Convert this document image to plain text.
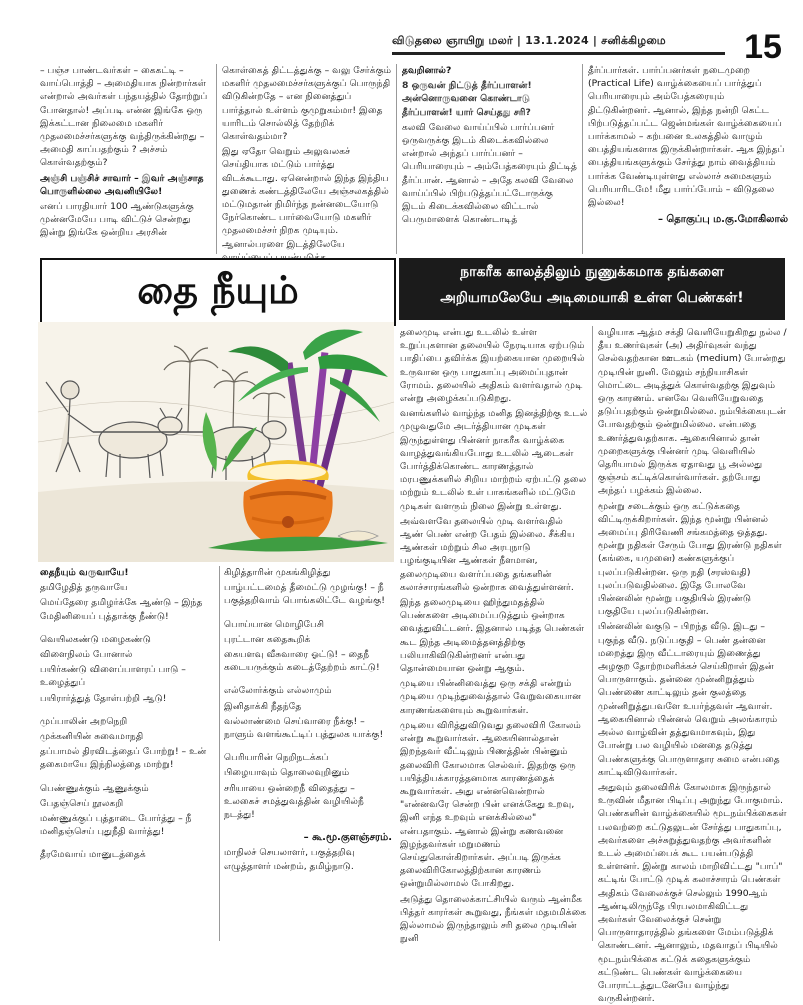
விடுதலை ஞாயிறு மலர் | 13.1.2024 | சனிக்கிழமை	15

– பஞ்ச பாண்டவர்கள் – கைகட்டி – வாய்பொத்தி – அமைதியாக நின்றார்கள் என்றால் அவர்கள் பந்தயத்தில் தோற்றுப் போனதால்! அப்படி என்ன இங்கே ஒரு இக்கட்டான நிலைமை மகளிர் முதலமைச்சர்களுக்கு வந்திருக்கின்றது – அமைதி காப்பதற்கும் ? அச்சம் கொள்வதற்கும்?

அஞ்சி பஞ்சிச் சாவார் – இவர் அஞ்சாத பொருளில்லை அவனியிலே!

எனப் பாரதியார் 100 ஆண்டுகளுக்கு முன்னமேயே பாடி விட்டுச் சென்றது இன்று இங்கே ஒன்றிய அரசின்

கொள்கைத் திட்டத்துக்கு – வலு சேர்க்கும் மகளிர் முதலமைச்சர்களுக்குப் பொருந்தி விடுகின்றதே – என நினைத்துப் பார்த்தால் உள்ளம் குமுறுகம்மா! இதை யாரிடம் சொல்லித் தேற்றிக் கொள்வதம்மா?

இது ஏதோ வெறும் அலுவலகச் செய்தியாக மட்டும் பார்த்து விடக்கூடாது. ஏனென்றால் இந்த இந்திய துணைக் கண்டத்திலேயே அஞ்சலகத்தில் மட்டுமதான் நிமிர்ந்த நன்னடையோடு நேர்கொண்ட பார்வையோடு மகளிர் முதலமைச்சர் நிறக முடியும். ஆனால்பரளை இடத்திலேயே

தவறினால்?

8 ஒருவன் நிட்டுத் தீர்ப்பாளன்! அன்னொருவனை கொண்டாடு தீர்ப்பாளன்! யார் செய்தது சரி?

கலவி வேலை வாய்ப்பில் பார்ப்பனர் ஒருவருக்கு இடம் கிடைக்கவில்லை என்றால் அந்தப் பார்ப்பனர் – பெரியாரையும் – அம்பேத்கரையும் திட்டித் தீர்ப்பான். ஆனால் – அதே கலவி வேலை வாய்ப்பில் பிற்படுத்தப்பட்டோருக்கு இடம் கிடைக்கவில்லை விட்டால் பெருமாளைக் கொண்டாடித்

தீர்ப்பார்கள். பார்ப்பனர்கள் நடைமுறை (Practical Life) வாழ்க்கையைப் பார்த்துப் பெரியாரையும் அம்பேத்கரையும் திட்டுகின்றனர். ஆனால், இந்த நன்றி கெட்ட பிற்படுத்தப்பட்ட ஜென்மங்கள் வாழ்க்கையைப் பார்க்காமல் – கற்பனை உலகத்தில் வாழும் பைத்தியங்களாக இருக்கின்றார்கள். ஆக இந்தப் பைத்தியங்களுக்கும் சேர்த்து நாம் வைத்தியம் பார்க்க வேண்டியுள்ளது எல்லாச் சுமைகளும் பெரியாரிடமே! மீது பார்ப்போம் – விடுதலை இல்லை!

– தொகுப்பு ம.கு.மோகிலால்

தை நீயும்

தைநீயும் வருவாயே!

தமிழேதித் தருவாயே

மெய்தேரை தமிழர்க்கே ஆண்டு – இந்த மேதினியைப் புத்தாக்கு நீண்டு!

வெயிலகண்டு மழைகண்டு

விளைநிலம் போனால்

பயிர்கண்டு விளைப்பாளரப் பாடு – உழைத்துப்

பயிரார்த்துத் தோள்பற்றி ஆடு!

முப்பாலின் அறநெறி

முக்கனியின் சுவைமாநதி

தப்பாமல் திரவிடத்தைப் போற்று! – உன் தகைமாயே இந்நிலத்தை மாற்று!

பெண்ணுக்கும் ஆணுக்கும்

பேதஞ்செய் நூலகறி

மண்ணுக்குப் புத்தாடை போர்த்து – நீ மனிதஞ்செய் புதுநீதி வார்த்து!

தீரமேவாய் மானுடத்தைக்

கிழித்தாரின் முகங்கிழித்து

பாழ்பட்டமைத் தீமைட்டு முழங்கு! – நீ பகுத்தறிவாம் பொங்கலிட்டே வழங்கு!

பொய்யான மொழிபேசி

புரட்டான கதைகூறிக்

கையளவு வீசுவாரை ஓட்டு! – தைநீ கடையருக்கும் கடைத்தேற்றம் காட்டு!

எல்லோர்க்கும் எல்லாமும்

இனிதாக்கி நீதந்தே

வல்லாண்மை செய்வாரை நீக்கு! – நாளும் வளங்கூட்டிப் புத்துலக யாக்கு!

பெரியாரின் நெறிநடக்கப்

பிழையாவும் தொலைவுறினும்

சரியாயை ஒன்றைநீ விதைத்து – உலகைச் சமத்துவத்தின் வழியில்நீ நடத்து!

– கூ.மூ.குளஞ்சரம்.

மாநிலச் செயலாளர், பகுத்தறிவு எழுத்தாளர் மன்றம், தமிழ்நாடு.

நாகரீக காலத்திலும் நுணுக்கமாக தங்களை
அறியாமலேயே அடிமையாகி உள்ள பெண்கள்!

தலைமுடி என்பது உடலில் உள்ள உறுப்புகளான தலையில் நேரடியாக ஏற்படும் பாதிப்பை தவிர்க்க இயற்கையான முறையில் உருவான ஒரு பாதுகாப்பு அமைப்புதான் ரோமம். தலையில் அதிகம் வளர்வதால் முடி என்று அழைக்கப்படுகிறது.

வனங்களில் வாழ்ந்த மனித இனத்திற்கு உடல் முழுவதுமே அடர்த்தியான முடிகள் இருந்துள்ளது பின்னர் நாகரீக வாழ்க்கை வாழத்துவங்கியபோது உடலில் ஆடைகள் போர்த்திக்கொண்ட காரணத்தால் மரபணுக்களில் சிறிய மாற்றம் ஏற்பட்டு தலை மற்றும் உடலில் உள் பாகங்களில் மட்டுமே முடிகள் வளரும் நிலை இன்று உள்ளது.

அவ்வளவே தலையில் முடி வளர்வதில் ஆண் பெண் என்ற பேதம் இல்லை. சீக்கிய ஆண்கள் மற்றும் சில அரபுநாடு பழங்குடியின ஆண்கள் நீளமான, தலைமுடியை வளர்ப்பதை தங்களின் கலாச்சாரங்களில் ஒன்றாக வைத்துள்ளனர்.

இந்த தலைமுடியை ஹிந்துமதத்தில் பெண்களை அடிமைப்படுத்தும் ஒன்றாக வைத்துவிட்டனர். இதனால் படித்த பெண்கள் கூட இந்த அடிமைத்தனத்திற்கு பலியாகிவிடுகின்றனர் என்பது தொன்மையான ஒன்று ஆகும்.

முடியை பின்னிவைத்து ஒரு சக்தி என்றும் முடியை முடிந்துவைத்தால் வேறுவகையான காரணங்களையும் கூறுவார்கள்.

முடியை விரித்துவிடுவது தலைவிரி கோலம் என்று கூறுவார்கள். ஆகையினால்தான் இறந்தவர் வீட்டிலும் பிணத்தின் பின்னும் தலைவிரி கோலமாக செல்வர். இதற்கு ஒரு பயித்தியக்காரத்தனமாக காரணத்தைக் கூறுவார்கள். அது என்னவென்றால் "என்னவரே சென்ற பின் எனக்கேது உறவு, இனி எந்த உறவும் எனக்கில்லை" என்பதாகும். ஆனால் இன்று கணவனை இழந்தவர்கள் மறுமணம் செய்துகொள்கிறார்கள். அப்படி இருக்க தலைவிரிகோலத்திற்கான காரணம் ஒன்றுமில்லாமல் போகிறது.

அடுத்து தொலைக்காட்சியில் வரும் ஆன்மீக பித்தர் காரர்கள் கூறுவது, நீங்கள் மதமமிக்கை இல்லாமல் இருந்தாலும் சரி தலை முடியின் நுனி

வழியாக ஆத்ம சக்தி வெளியேறுகிறது நல்ல / தீய உணர்வுகள் (அ) அதிர்வுகள் வந்து செல்வதற்கான ஊடகம் (medium) போன்றது முடியின் நுனி. மேலும் சந்நியாசிகள் மொட்டை அடித்துக் கொள்வதற்கு இதுவும் ஒரு காரணம். எனவே வெளியேறுவதை தடுப்பதற்கும் ஒன்றுமில்லை. நம்பிக்கையுடன் போவதற்கும் ஒன்றுமில்லை. என்பதை உணர்த்துவதற்காக. ஆகையினால் தான் முறைகளுக்கு பின்னர் முடி வெளியில் தெரியாமல் இருக்க ஏதாவது பூ அல்லது குஞ்சம் கட்டிக்கொள்வார்கள். தற்போது அந்தப் பழக்கம் இல்லை.

மூன்று சடைக்கும் ஒரு கட்டுக்கதை விட்டிருக்கிறார்கள். இந்த மூன்று பின்னல் அமைப்பு திரிவேணி சங்கமத்தை ஒத்தது. மூன்று நதிகள் சேரும் போது இரண்டு நதிகள் (கங்கை, யமுனை) கண்களுக்குப் புலப்படுகின்றன. ஒரு நதி (சரஸ்வதி) புலப்படுவதில்லை. இதே போலவே பின்னலின் மூன்று பகுதியில் இரண்டு பகுதியே புலப்படுகின்றன.

பின்னலின் வகுடு – பிறந்த வீடு. இடது – புகுந்த வீடு. நடுப்பகுதி – பெண் தன்னை மறைத்து இரு வீட்டாரையும் இணைத்து அழகுற தோற்றமளிக்கச் செய்கிறாள் இதன் பொருளாகும். தன்னை முன்னிறுத்தும் பெண்ணை காட்டிலும் தன் குலத்தை முன்னிறுத்துபவளே உயர்ந்தவள் ஆவாள். ஆகையினால் பின்னல் வெறும் அலங்காரம் அல்ல வாழ்வின் தத்துவமாகவும், இது போன்று பல வழியில் மனதை தடுத்து பெண்களுக்கு பொருளாதார சுமை என்பதை காட்டிவிடுவார்கள்.

அதுவும் தலைவிரிக் கோலமாக இருந்தால் உருவின் மீதான பிடிப்பு அறுந்து போகுமாம். பெண்களின் வாழ்க்கையில் மூடநம்பிக்கைகள் பலவற்றை கட்டுதலுடன் சேர்த்து பாதுகாப்பு, அவர்களை அச்சுறுத்துவதற்கு அவர்களின் உடல் அமைப்பைக் கூட பயன்படுத்தி உள்ளனர். இன்று காலம் மாறிவிட்டது "பாப்" கட்டிங் போட்டு முடிக் கலாச்சாரம் பெண்கள் அதிகம் வேலைக்குச் செல்லும் 1990ஆம் ஆண்டிலிருந்தே பிரபலமாகிவிட்டது அவர்கள் வேலைக்குச் சென்று பொருளாதாரத்தில் தங்களை மேம்படுத்திக் கொண்டனர். ஆனாலும், மதவாதப் பிடியில் மூடநம்பிக்கை கட்டுக் கதைகளுக்கும் கட்டுண்ட பெண்கள் வாழ்க்கையை போராட்டத்துடனேயே வாழ்ந்து வருகின்றனர்.
